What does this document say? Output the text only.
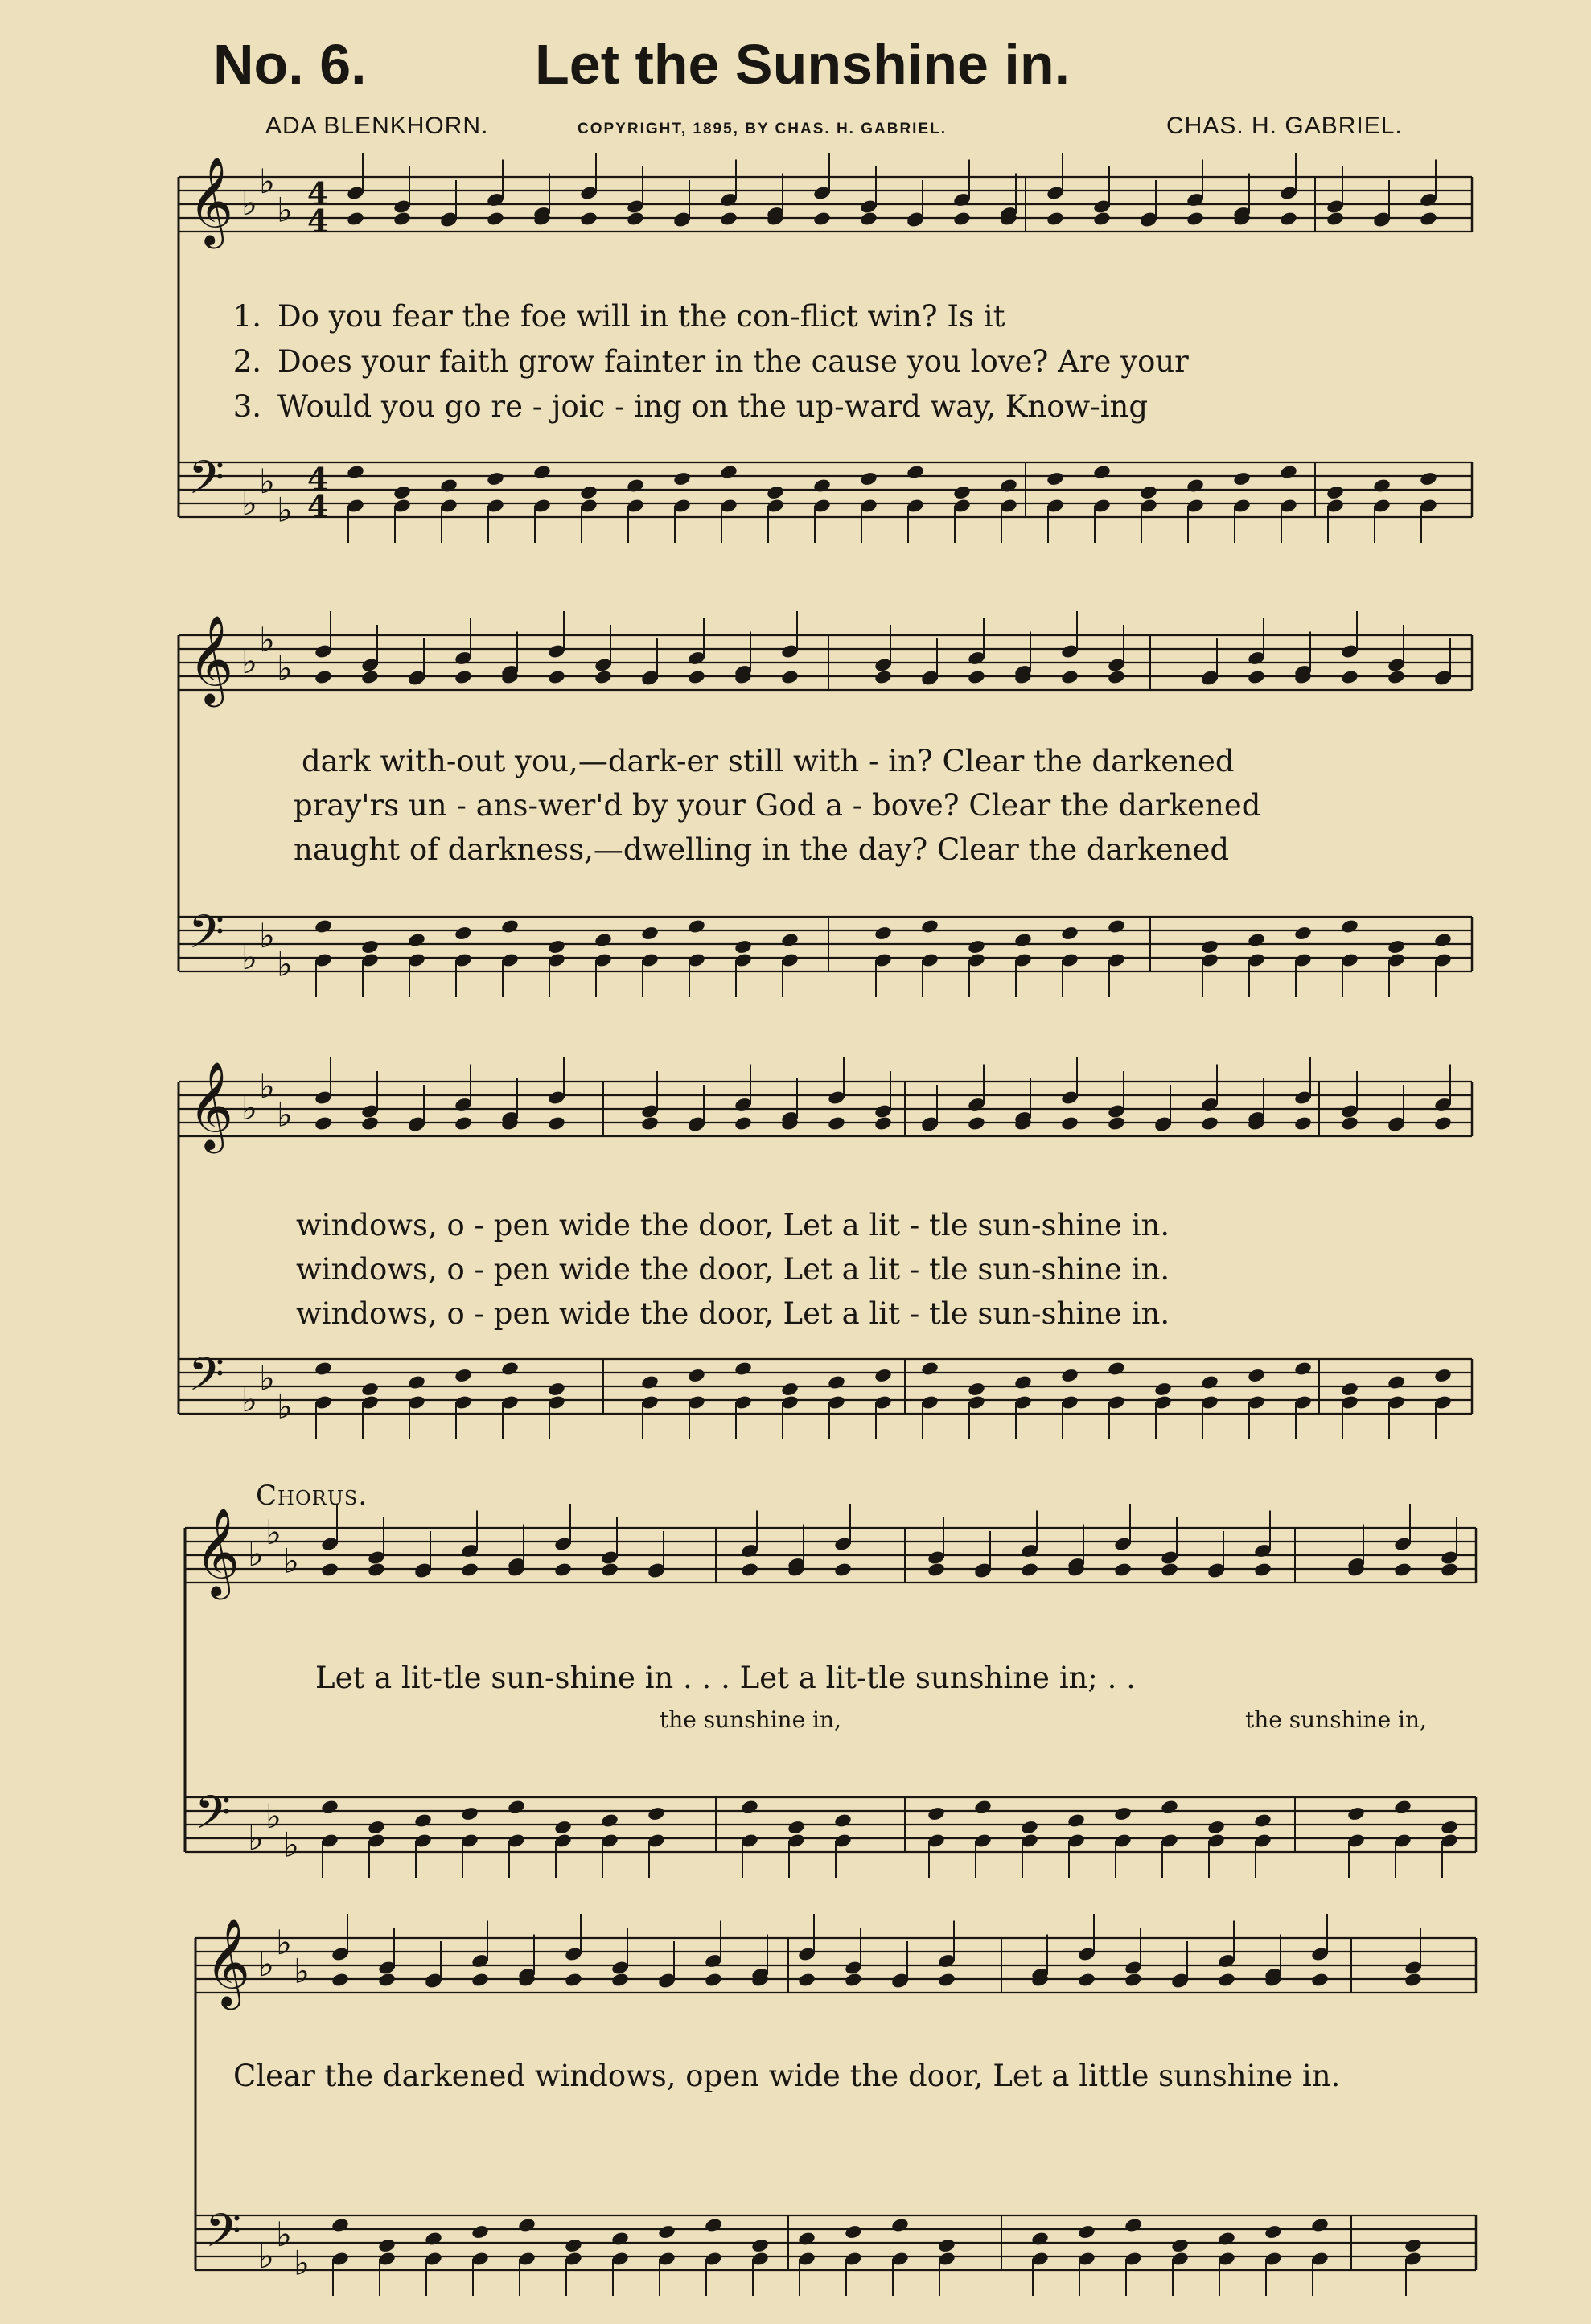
No. 6.	Let the Sunshine in.
ADA BLENKHORN.	COPYRIGHT, 1895, BY CHAS. H. GABRIEL.	CHAS. H. GABRIEL.
𝄞
𝄢
♭
♭
♭
♭
♭
♭
4
4
4
4
𝄞
𝄢
♭
♭
♭
♭
♭
♭
𝄞
𝄢
♭
♭
♭
♭
♭
♭
𝄞
𝄢
♭
♭
♭
♭
♭
♭
𝄞
𝄢
♭
♭
♭
♭
♭
♭
1. Do you fear the foe will in the con-flict win? Is it
2. Does your faith grow fainter in the cause you love? Are your
3. Would you go re - joic - ing on the up-ward way, Know-ing
dark with-out you,—dark-er still with - in? Clear the darkened
pray'rs un - ans-wer'd by your God a - bove? Clear the darkened
naught of darkness,—dwelling in the day? Clear the darkened
windows, o - pen wide the door, Let a lit - tle sun-shine in.
windows, o - pen wide the door, Let a lit - tle sun-shine in.
windows, o - pen wide the door, Let a lit - tle sun-shine in.
Chorus.
Let a lit-tle sun-shine in . . . Let a lit-tle sunshine in; . .
the sunshine in,	the sunshine in,
Clear the darkened windows, open wide the door, Let a little sunshine in.
